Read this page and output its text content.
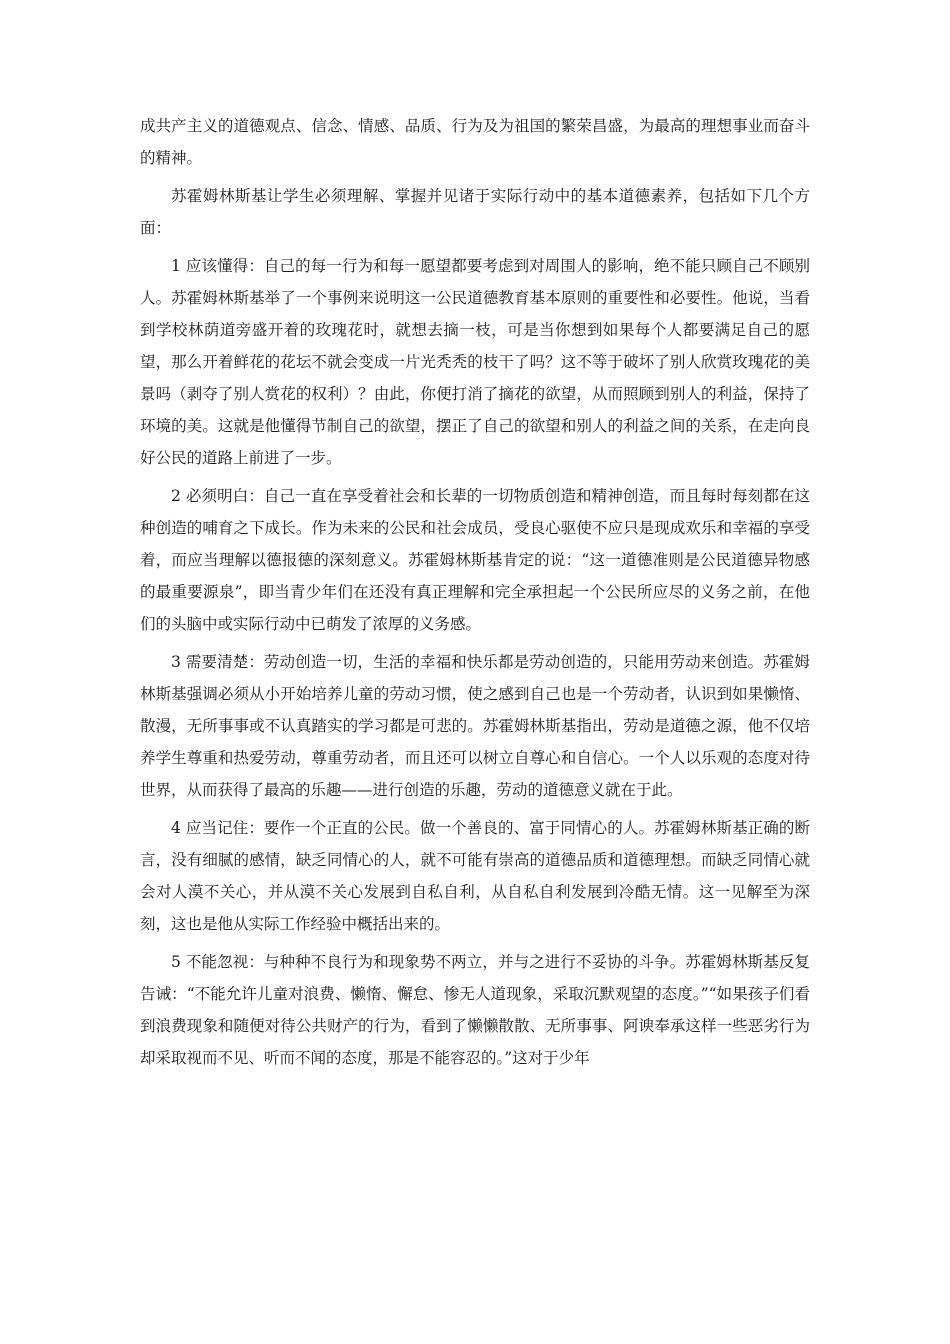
成共产主义的道德观点、信念、情感、品质、行为及为祖国的繁荣昌盛，为最高的理想事业而奋斗的精神。

苏霍姆林斯基让学生必须理解、掌握并见诸于实际行动中的基本道德素养，包括如下几个方面：

1 应该懂得：自己的每一行为和每一愿望都要考虑到对周围人的影响，绝不能只顾自己不顾别人。苏霍姆林斯基举了一个事例来说明这一公民道德教育基本原则的重要性和必要性。他说，当看到学校林荫道旁盛开着的玫瑰花时，就想去摘一枝，可是当你想到如果每个人都要满足自己的愿望，那么开着鲜花的花坛不就会变成一片光秃秃的枝干了吗？这不等于破坏了别人欣赏玫瑰花的美景吗（剥夺了别人赏花的权利）？由此，你便打消了摘花的欲望，从而照顾到别人的利益，保持了环境的美。这就是他懂得节制自己的欲望，摆正了自己的欲望和别人的利益之间的关系，在走向良好公民的道路上前进了一步。

2 必须明白：自己一直在享受着社会和长辈的一切物质创造和精神创造，而且每时每刻都在这种创造的哺育之下成长。作为未来的公民和社会成员，受良心驱使不应只是现成欢乐和幸福的享受着，而应当理解以德报德的深刻意义。苏霍姆林斯基肯定的说：“这一道德准则是公民道德异物感的最重要源泉”，即当青少年们在还没有真正理解和完全承担起一个公民所应尽的义务之前，在他们的头脑中或实际行动中已萌发了浓厚的义务感。

3 需要清楚：劳动创造一切，生活的幸福和快乐都是劳动创造的，只能用劳动来创造。苏霍姆林斯基强调必须从小开始培养儿童的劳动习惯，使之感到自己也是一个劳动者，认识到如果懒惰、散漫，无所事事或不认真踏实的学习都是可悲的。苏霍姆林斯基指出，劳动是道德之源，他不仅培养学生尊重和热爱劳动，尊重劳动者，而且还可以树立自尊心和自信心。一个人以乐观的态度对待世界，从而获得了最高的乐趣——进行创造的乐趣，劳动的道德意义就在于此。

4 应当记住：要作一个正直的公民。做一个善良的、富于同情心的人。苏霍姆林斯基正确的断言，没有细腻的感情，缺乏同情心的人，就不可能有崇高的道德品质和道德理想。而缺乏同情心就会对人漠不关心，并从漠不关心发展到自私自利，从自私自利发展到冷酷无情。这一见解至为深刻，这也是他从实际工作经验中概括出来的。

5 不能忽视：与种种不良行为和现象势不两立，并与之进行不妥协的斗争。苏霍姆林斯基反复告诫：“不能允许儿童对浪费、懒惰、懈怠、惨无人道现象，采取沉默观望的态度。”“如果孩子们看到浪费现象和随便对待公共财产的行为，看到了懒懒散散、无所事事、阿谀奉承这样一些恶劣行为却采取视而不见、听而不闻的态度，那是不能容忍的。”这对于少年
